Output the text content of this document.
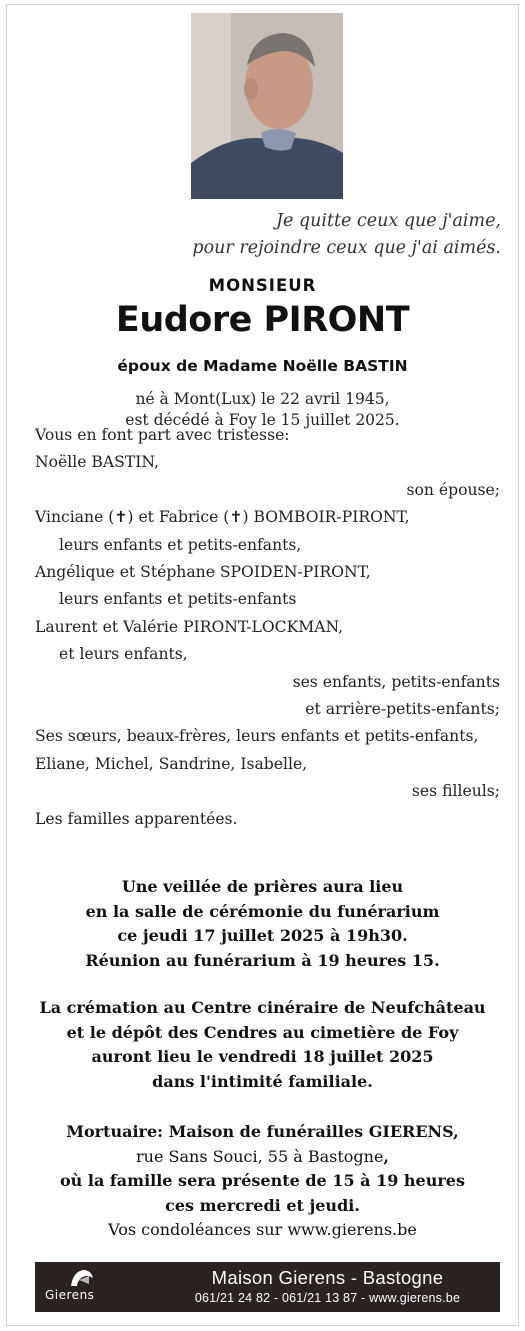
Je quitte ceux que j'aime,
pour rejoindre ceux que j'ai aimés.
MONSIEUR
Eudore PIRONT
époux de Madame Noëlle BASTIN
né à Mont(Lux) le 22 avril 1945,
est décédé à Foy le 15 juillet 2025.
Vous en font part avec tristesse:
Noëlle BASTIN,
son épouse;
Vinciane (✝) et Fabrice (✝) BOMBOIR-PIRONT,
leurs enfants et petits-enfants,
Angélique et Stéphane SPOIDEN-PIRONT,
leurs enfants et petits-enfants
Laurent et Valérie PIRONT-LOCKMAN,
et leurs enfants,
ses enfants, petits-enfants
et arrière-petits-enfants;
Ses sœurs, beaux-frères, leurs enfants et petits-enfants,
Eliane, Michel, Sandrine, Isabelle,
ses filleuls;
Les familles apparentées.
Une veillée de prières aura lieu
en la salle de cérémonie du funérarium
ce jeudi 17 juillet 2025 à 19h30.
Réunion au funérarium à 19 heures 15.
La crémation au Centre cinéraire de Neufchâteau
et le dépôt des Cendres au cimetière de Foy
auront lieu le vendredi 18 juillet 2025
dans l'intimité familiale.
Mortuaire: Maison de funérailles GIERENS,
rue Sans Souci, 55 à Bastogne,
où la famille sera présente de 15 à 19 heures
ces mercredi et jeudi.
Vos condoléances sur www.gierens.be
Gierens
Maison Gierens - Bastogne
061/21 24 82 - 061/21 13 87 - www.gierens.be
